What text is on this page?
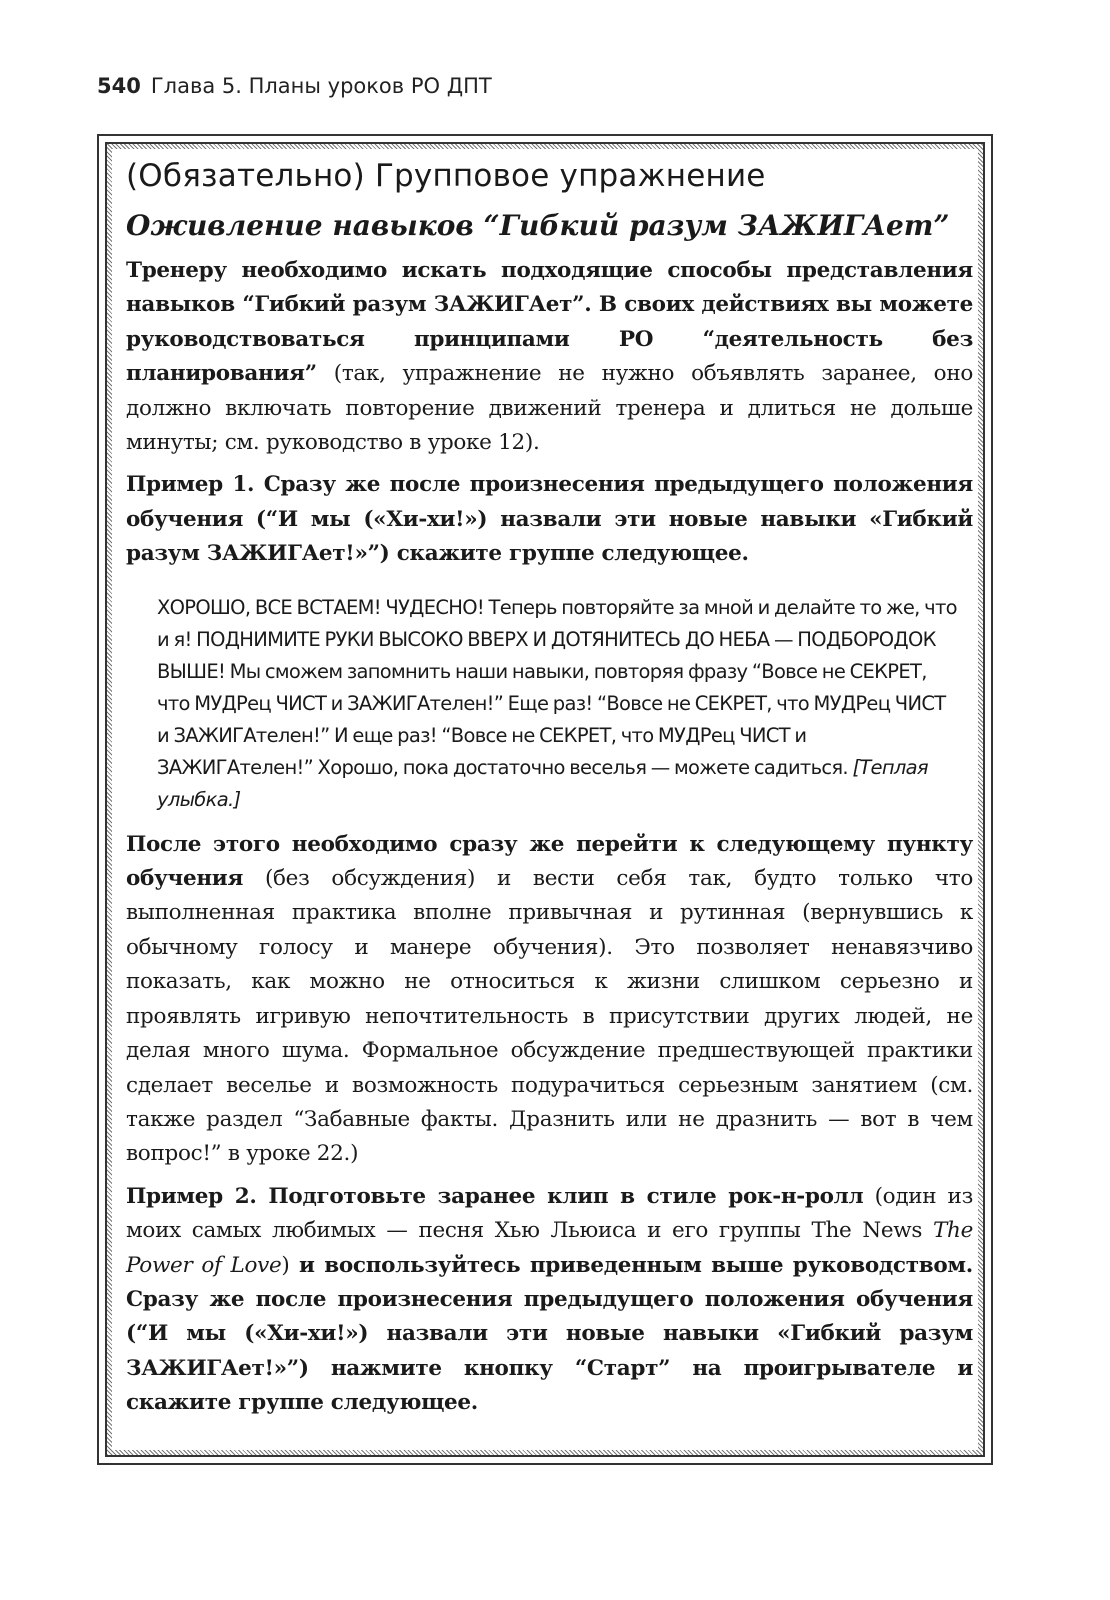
540 Глава 5. Планы уроков РО ДПТ
(Обязательно) Групповое упражнение
Оживление навыков “Гибкий разум ЗАЖИГАет”

Тренеру необходимо искать подходящие способы представления навыков “Гибкий разум ЗАЖИГАет”. В своих действиях вы можете руководствоваться принципами РО “деятельность без планирования” (так, упражнение не нужно объявлять заранее, оно должно включать повторение движений тренера и длиться не дольше минуты; см. руководство в уроке 12).

Пример 1. Сразу же после произнесения предыдущего положения обучения (“И мы («Хи-хи!») назвали эти новые навыки «Гибкий разум ЗАЖИГАет!»”) скажите группе следующее.

ХОРОШО, ВСЕ ВСТАЕМ! ЧУДЕСНО! Теперь повторяйте за мной и делайте то же, что и я! ПОДНИМИТЕ РУКИ ВЫСОКО ВВЕРХ И ДОТЯНИТЕСЬ ДО НЕБА — ПОДБОРОДОК ВЫШЕ! Мы сможем запомнить наши навыки, повторяя фразу “Вовсе не СЕКРЕТ, что МУДРец ЧИСТ и ЗАЖИГАтелен!” Еще раз! “Вовсе не СЕКРЕТ, что МУДРец ЧИСТ и ЗАЖИГАтелен!” И еще раз! “Вовсе не СЕКРЕТ, что МУДРец ЧИСТ и ЗАЖИГАтелен!” Хорошо, пока достаточно веселья — можете садиться. [Теплая улыбка.]

После этого необходимо сразу же перейти к следующему пункту обучения (без обсуждения) и вести себя так, будто только что выполненная практика вполне привычная и рутинная (вернувшись к обычному голосу и манере обучения). Это позволяет ненавязчиво показать, как можно не относиться к жизни слишком серьезно и проявлять игривую непочтительность в присутствии других людей, не делая много шума. Формальное обсуждение предшествующей практики сделает веселье и возможность подурачиться серьезным занятием (см. также раздел “Забавные факты. Дразнить или не дразнить — вот в чем вопрос!” в уроке 22.)

Пример 2. Подготовьте заранее клип в стиле рок-н-ролл (один из моих самых любимых — песня Хью Льюиса и его группы The News The Power of Love) и воспользуйтесь приведенным выше руководством. Сразу же после произнесения предыдущего положения обучения (“И мы («Хи-хи!») назвали эти новые навыки «Гибкий разум ЗАЖИГАет!»”) нажмите кнопку “Старт” на проигрывателе и скажите группе следующее.
